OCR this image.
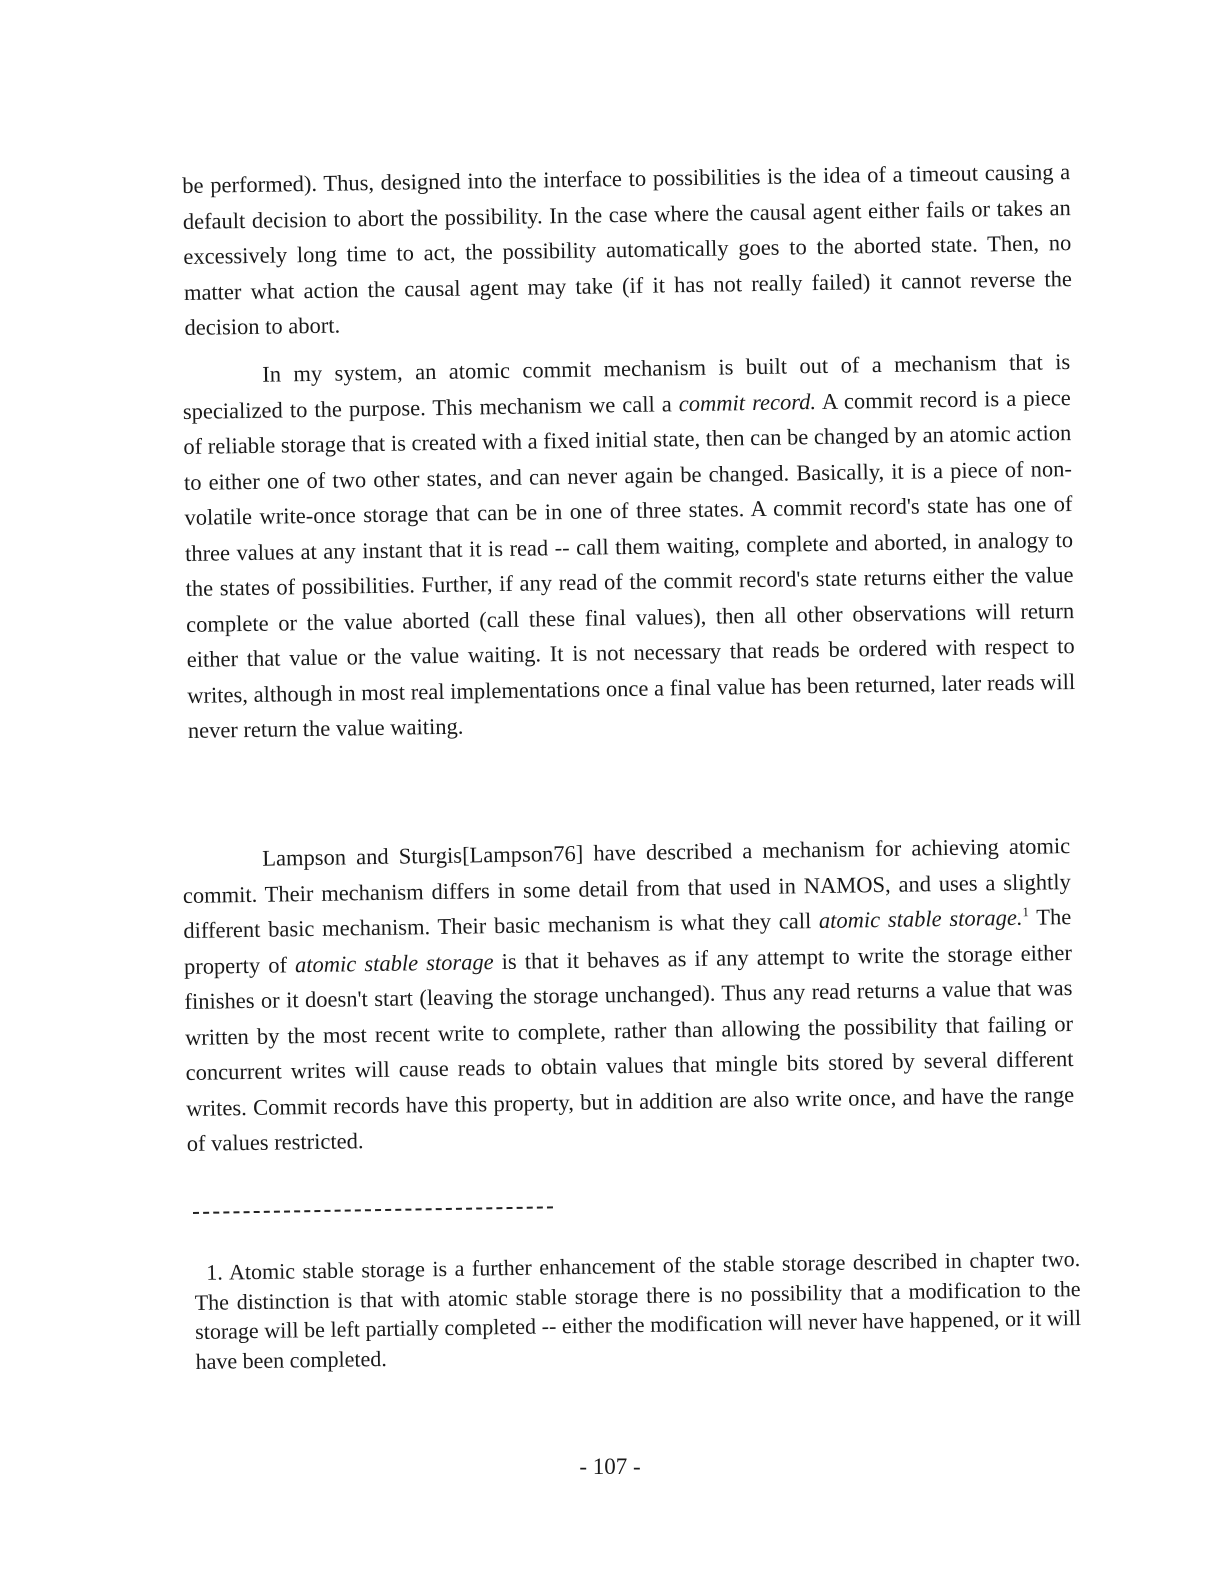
be performed). Thus, designed into the interface to possibilities is the idea of a timeout causing a default decision to abort the possibility. In the case where the causal agent either fails or takes an excessively long time to act, the possibility automatically goes to the aborted state. Then, no matter what action the causal agent may take (if it has not really failed) it cannot reverse the decision to abort.

In my system, an atomic commit mechanism is built out of a mechanism that is specialized to the purpose. This mechanism we call a commit record. A commit record is a piece of reliable storage that is created with a fixed initial state, then can be changed by an atomic action to either one of two other states, and can never again be changed. Basically, it is a piece of non-volatile write-once storage that can be in one of three states. A commit record's state has one of three values at any instant that it is read -- call them waiting, complete and aborted, in analogy to the states of possibilities. Further, if any read of the commit record's state returns either the value complete or the value aborted (call these final values), then all other observations will return either that value or the value waiting. It is not necessary that reads be ordered with respect to writes, although in most real implementations once a final value has been returned, later reads will never return the value waiting.

Lampson and Sturgis[Lampson76] have described a mechanism for achieving atomic commit. Their mechanism differs in some detail from that used in NAMOS, and uses a slightly different basic mechanism. Their basic mechanism is what they call atomic stable storage.$^1$ The property of atomic stable storage is that it behaves as if any attempt to write the storage either finishes or it doesn't start (leaving the storage unchanged). Thus any read returns a value that was written by the most recent write to complete, rather than allowing the possibility that failing or concurrent writes will cause reads to obtain values that mingle bits stored by several different writes. Commit records have this property, but in addition are also write once, and have the range of values restricted.

1. Atomic stable storage is a further enhancement of the stable storage described in chapter two. The distinction is that with atomic stable storage there is no possibility that a modification to the storage will be left partially completed -- either the modification will never have happened, or it will have been completed.

- 107 -
